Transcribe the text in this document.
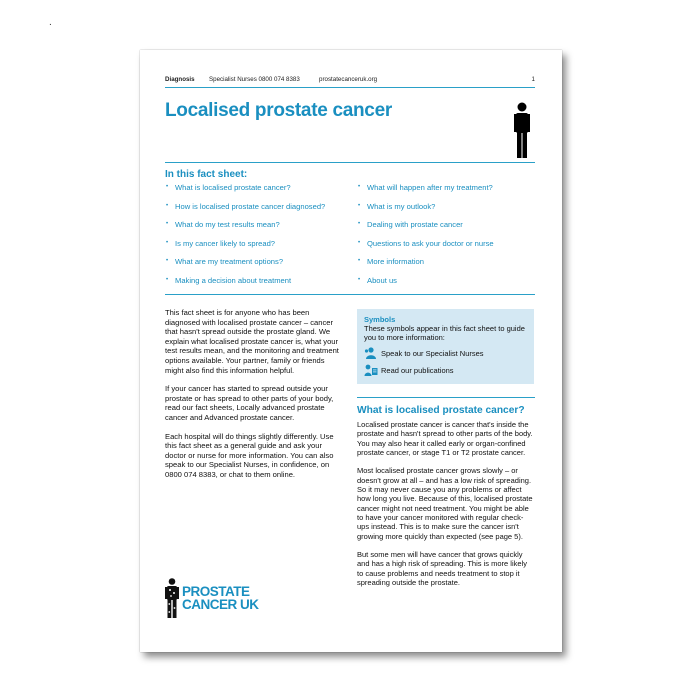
.
Diagnosis	Specialist Nurses 0800 074 8383	prostatecanceruk.org	1
Localised prostate cancer
In this fact sheet:
• What is localised prostate cancer?
• How is localised prostate cancer diagnosed?
• What do my test results mean?
• Is my cancer likely to spread?
• What are my treatment options?
• Making a decision about treatment
• What will happen after my treatment?
• What is my outlook?
• Dealing with prostate cancer
• Questions to ask your doctor or nurse
• More information
• About us

This fact sheet is for anyone who has been diagnosed with localised prostate cancer – cancer that hasn't spread outside the prostate gland. We explain what localised prostate cancer is, what your test results mean, and the monitoring and treatment options available. Your partner, family or friends might also find this information helpful.

If your cancer has started to spread outside your prostate or has spread to other parts of your body, read our fact sheets, Locally advanced prostate cancer and Advanced prostate cancer.

Each hospital will do things slightly differently. Use this fact sheet as a general guide and ask your doctor or nurse for more information. You can also speak to our Specialist Nurses, in confidence, on 0800 074 8383, or chat to them online.

Symbols
These symbols appear in this fact sheet to guide you to more information:
Speak to our Specialist Nurses
Read our publications
What is localised prostate cancer?

Localised prostate cancer is cancer that's inside the prostate and hasn't spread to other parts of the body. You may also hear it called early or organ-confined prostate cancer, or stage T1 or T2 prostate cancer.

Most localised prostate cancer grows slowly – or doesn't grow at all – and has a low risk of spreading. So it may never cause you any problems or affect how long you live. Because of this, localised prostate cancer might not need treatment. You might be able to have your cancer monitored with regular check-ups instead. This is to make sure the cancer isn't growing more quickly than expected (see page 5).

But some men will have cancer that grows quickly and has a high risk of spreading. This is more likely to cause problems and needs treatment to stop it spreading outside the prostate.

PROSTATE
CANCER UK
